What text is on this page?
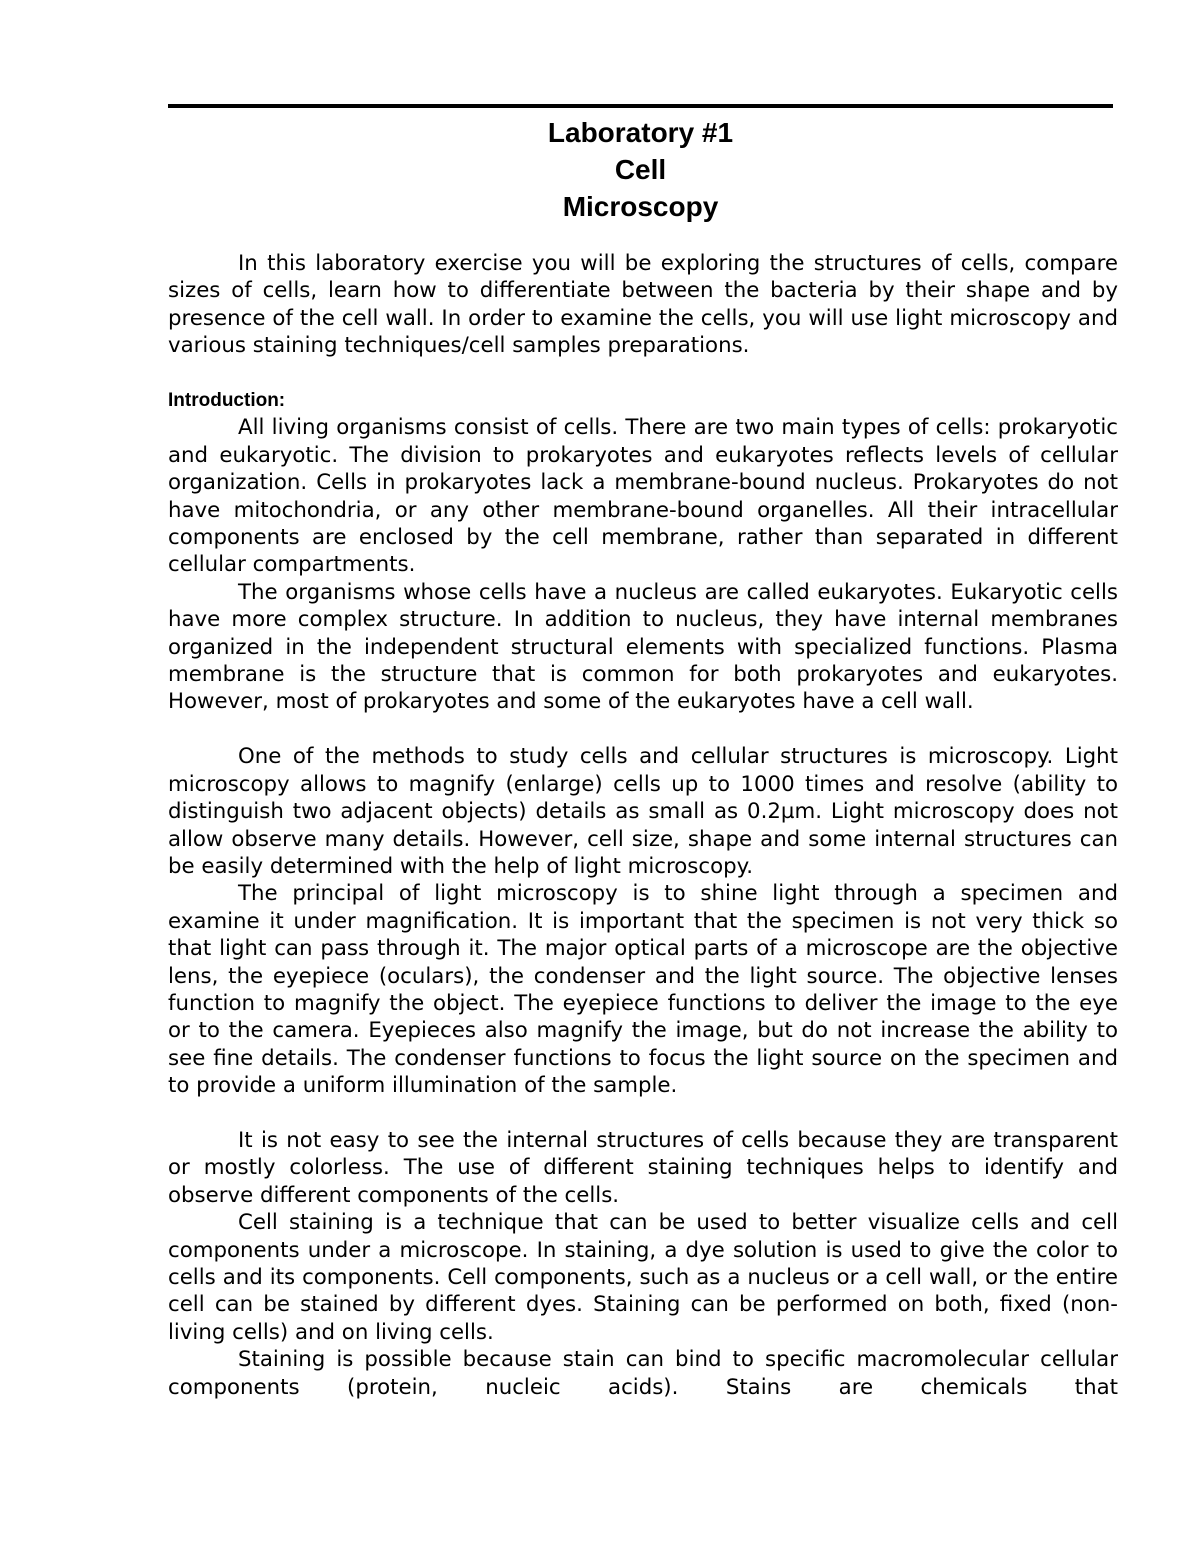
Laboratory #1
Cell
Microscopy

In this laboratory exercise you will be exploring the structures of cells, compare sizes of cells, learn how to differentiate between the bacteria by their shape and by presence of the cell wall. In order to examine the cells, you will use light microscopy and various staining techniques/cell samples preparations.

Introduction:

All living organisms consist of cells. There are two main types of cells: prokaryotic and eukaryotic. The division to prokaryotes and eukaryotes reflects levels of cellular organization. Cells in prokaryotes lack a membrane-bound nucleus. Prokaryotes do not have mitochondria, or any other membrane-bound organelles. All their intracellular components are enclosed by the cell membrane, rather than separated in different cellular compartments.

The organisms whose cells have a nucleus are called eukaryotes. Eukaryotic cells have more complex structure. In addition to nucleus, they have internal membranes organized in the independent structural elements with specialized functions. Plasma membrane is the structure that is common for both prokaryotes and eukaryotes. However, most of prokaryotes and some of the eukaryotes have a cell wall.

One of the methods to study cells and cellular structures is microscopy. Light microscopy allows to magnify (enlarge) cells up to 1000 times and resolve (ability to distinguish two adjacent objects) details as small as 0.2µm. Light microscopy does not allow observe many details. However, cell size, shape and some internal structures can be easily determined with the help of light microscopy.

The principal of light microscopy is to shine light through a specimen and examine it under magnification. It is important that the specimen is not very thick so that light can pass through it. The major optical parts of a microscope are the objective lens, the eyepiece (oculars), the condenser and the light source. The objective lenses function to magnify the object. The eyepiece functions to deliver the image to the eye or to the camera. Eyepieces also magnify the image, but do not increase the ability to see fine details. The condenser functions to focus the light source on the specimen and to provide a uniform illumination of the sample.

It is not easy to see the internal structures of cells because they are transparent or mostly colorless. The use of different staining techniques helps to identify and observe different components of the cells.

Cell staining is a technique that can be used to better visualize cells and cell components under a microscope. In staining, a dye solution is used to give the color to cells and its components. Cell components, such as a nucleus or a cell wall, or the entire cell can be stained by different dyes. Staining can be performed on both, fixed (non-living cells) and on living cells.

Staining is possible because stain can bind to specific macromolecular cellular components (protein, nucleic acids). Stains are chemicals that
